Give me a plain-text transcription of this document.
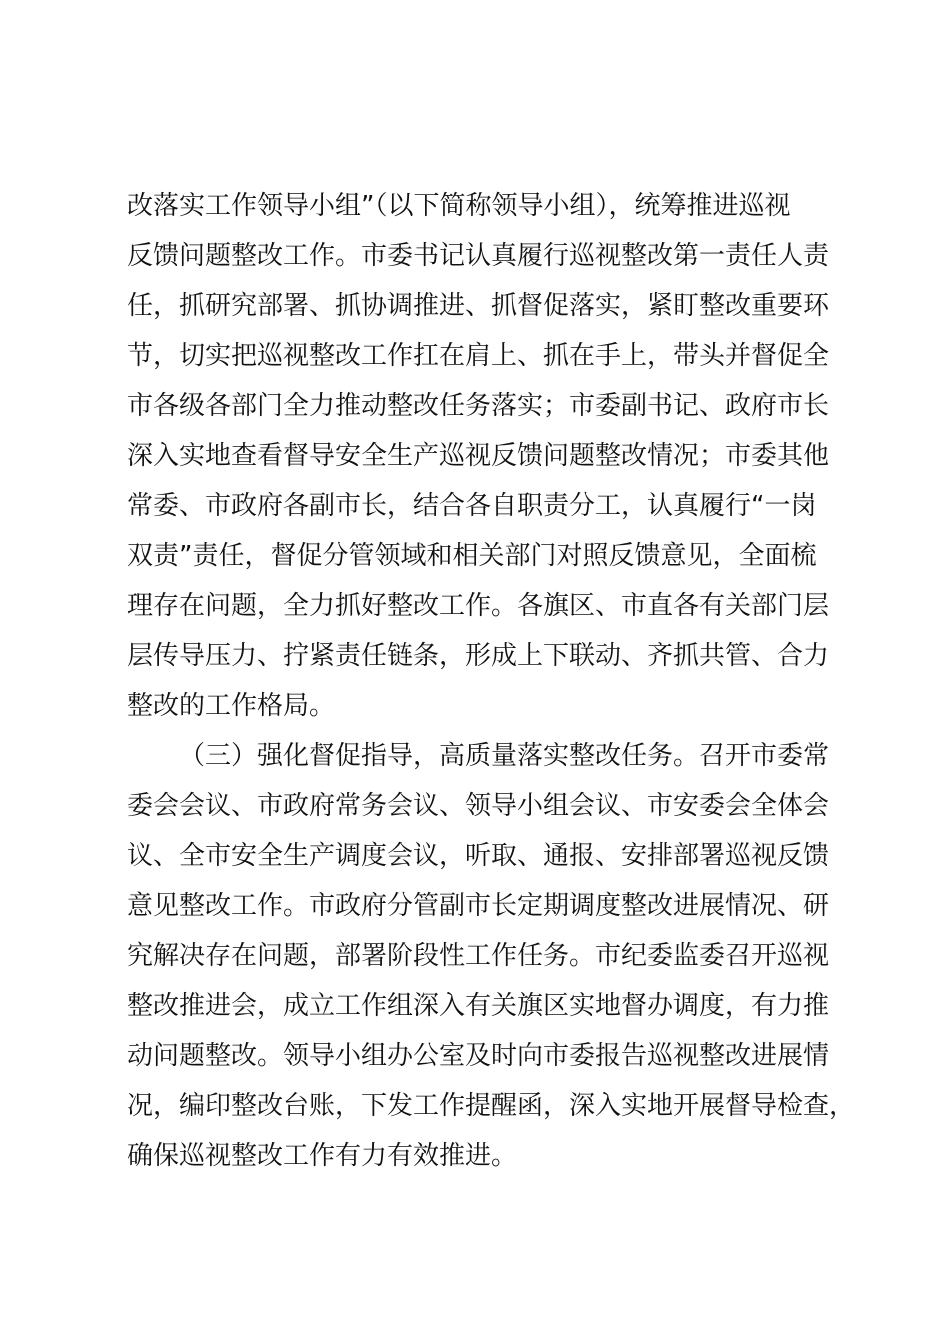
改落实工作领导小组”（以下简称领导小组），统筹推进巡视
反馈问题整改工作。市委书记认真履行巡视整改第一责任人责
任，抓研究部署、抓协调推进、抓督促落实，紧盯整改重要环
节，切实把巡视整改工作扛在肩上、抓在手上，带头并督促全
市各级各部门全力推动整改任务落实；市委副书记、政府市长
深入实地查看督导安全生产巡视反馈问题整改情况；市委其他
常委、市政府各副市长，结合各自职责分工，认真履行“一岗
双责”责任，督促分管领域和相关部门对照反馈意见，全面梳
理存在问题，全力抓好整改工作。各旗区、市直各有关部门层
层传导压力、拧紧责任链条，形成上下联动、齐抓共管、合力
整改的工作格局。
（三）强化督促指导，高质量落实整改任务。召开市委常
委会会议、市政府常务会议、领导小组会议、市安委会全体会
议、全市安全生产调度会议，听取、通报、安排部署巡视反馈
意见整改工作。市政府分管副市长定期调度整改进展情况、研
究解决存在问题，部署阶段性工作任务。市纪委监委召开巡视
整改推进会，成立工作组深入有关旗区实地督办调度，有力推
动问题整改。领导小组办公室及时向市委报告巡视整改进展情
况，编印整改台账，下发工作提醒函，深入实地开展督导检查，
确保巡视整改工作有力有效推进。
